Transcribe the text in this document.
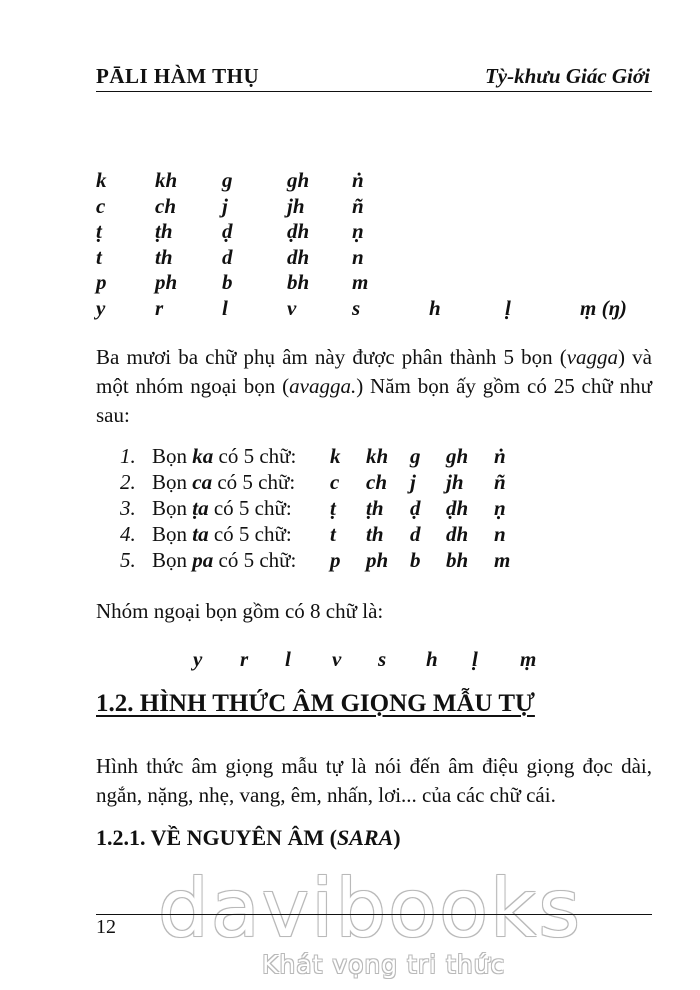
PĀLI HÀM THỤ	Tỳ-khưu Giác Giới
k kh g	gh ṅ
c ch j	jh ñ
ṭ	ṭh ḍ	ḍh ṇ
t	th d	dh n
p ph b	bh m
y r	l	v	s	h	ḷ	ṃ (ŋ)
Ba mươi ba chữ phụ âm này được phân thành 5 bọn (vagga) và một nhóm ngoại bọn (avagga.) Năm bọn ấy gồm có 25 chữ như sau:
1. Bọn ka có 5 chữ: k kh g gh ṅ
2. Bọn ca có 5 chữ: c ch j jh ñ
3. Bọn ṭa có 5 chữ: ṭ ṭh ḍ ḍh ṇ
4. Bọn ta có 5 chữ: t th d dh n
5. Bọn pa có 5 chữ: p ph b bh m
Nhóm ngoại bọn gồm có 8 chữ là:
y r l v s h ḷ ṃ
1.2. HÌNH THỨC ÂM GIỌNG MẪU TỰ
Hình thức âm giọng mẫu tự là nói đến âm điệu giọng đọc dài, ngắn, nặng, nhẹ, vang, êm, nhấn, lơi... của các chữ cái.
1.2.1. VỀ NGUYÊN ÂM (SARA)
davibooks
Khát vọng tri thức
12
